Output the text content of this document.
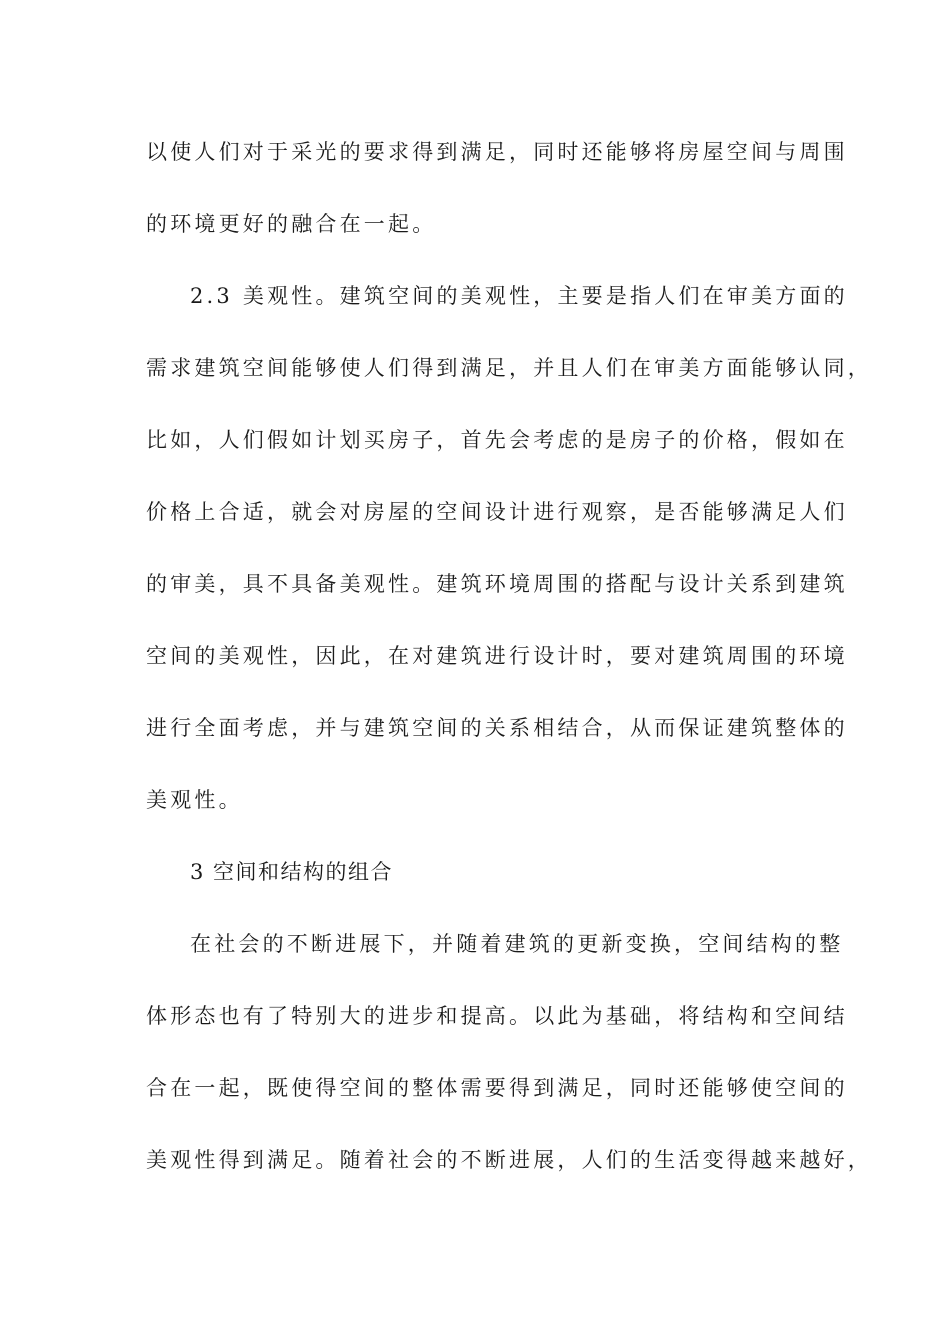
以使人们对于采光的要求得到满足，同时还能够将房屋空间与周围
的环境更好的融合在一起。
2.3 美观性。建筑空间的美观性，主要是指人们在审美方面的
需求建筑空间能够使人们得到满足，并且人们在审美方面能够认同，
比如，人们假如计划买房子，首先会考虑的是房子的价格，假如在
价格上合适，就会对房屋的空间设计进行观察，是否能够满足人们
的审美，具不具备美观性。建筑环境周围的搭配与设计关系到建筑
空间的美观性，因此，在对建筑进行设计时，要对建筑周围的环境
进行全面考虑，并与建筑空间的关系相结合，从而保证建筑整体的
美观性。
3 空间和结构的组合
在社会的不断进展下，并随着建筑的更新变换，空间结构的整
体形态也有了特别大的进步和提高。以此为基础，将结构和空间结
合在一起，既使得空间的整体需要得到满足，同时还能够使空间的
美观性得到满足。随着社会的不断进展，人们的生活变得越来越好，
